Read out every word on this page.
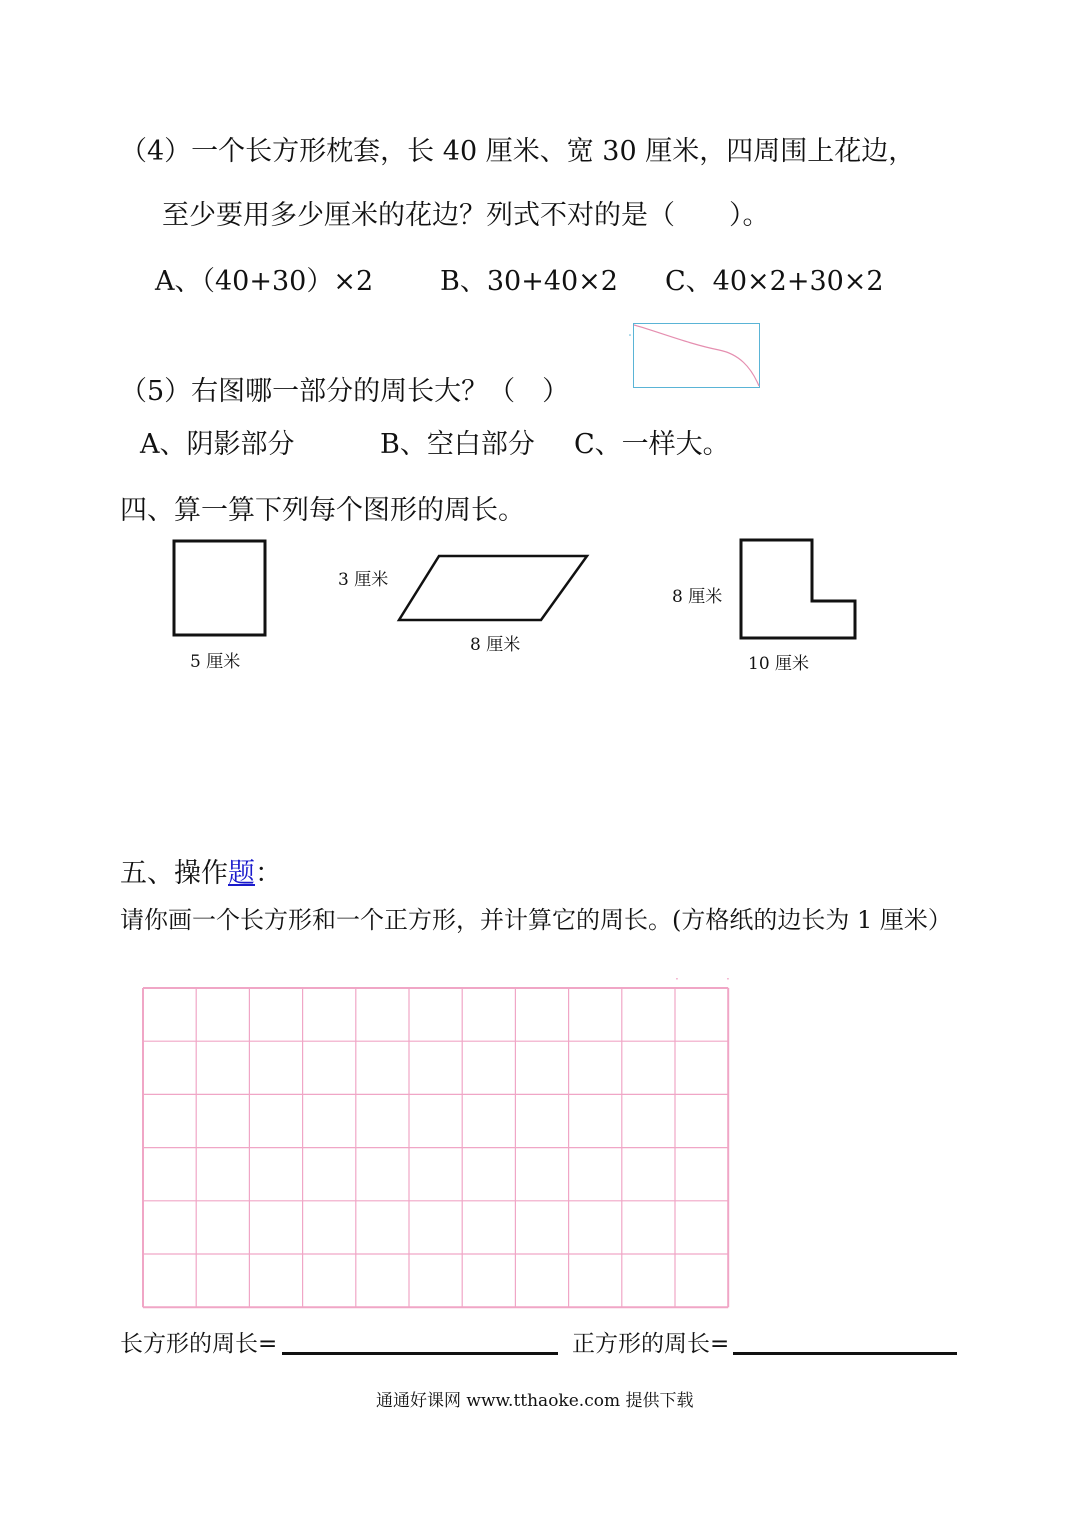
（4）一个长方形枕套，长 40 厘米、宽 30 厘米，四周围上花边，
至少要用多少厘米的花边？列式不对的是（　　）。
A、（40+30）×2 B、30+40×2 C、40×2+30×2
（5）右图哪一部分的周长大？（　）
A、阴影部分	B、空白部分 C、一样大。
四、算一算下列每个图形的周长。
5 厘米
3 厘米
8 厘米
8 厘米
10 厘米
五、操作题：
请你画一个长方形和一个正方形，并计算它的周长。(方格纸的边长为 1 厘米）
长方形的周长=	正方形的周长=
通通好课网 www.tthaoke.com 提供下载
